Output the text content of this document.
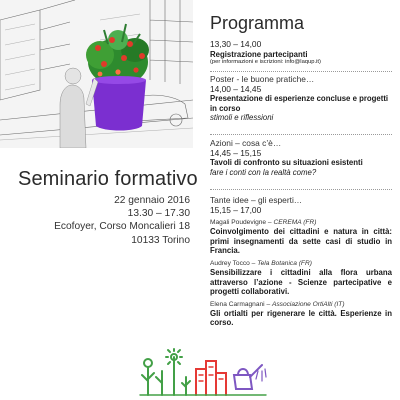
Seminario formativo
22 gennaio 2016
13.30 – 17.30
Ecofoyer, Corso Moncalieri 18
10133 Torino
Programma
13,30 – 14,00
Registrazione partecipanti
(per informazioni e iscrizioni: info@laqup.it)
Poster - le buone pratiche…
14,00 – 14,45
Presentazione di esperienze concluse e progetti in corso
stimoli e riflessioni
Azioni – cosa c’è…
14,45 – 15,15
Tavoli di confronto su situazioni esistenti
fare i conti con la realtà come?
Tante idee – gli esperti…
15,15 – 17,00
Magali Poudevigne – CEREMA (FR)
Coinvolgimento dei cittadini e natura in città: primi insegnamenti da sette casi di studio in Francia.
Audrey Tocco – Tela Botanica (FR)
Sensibilizzare i cittadini alla flora urbana attraverso l’azione - Scienze partecipative e progetti collaborativi.
Elena Carmagnani – Associazione OrtiAlti (IT)
Gli ortialti per rigenerare le città. Esperienze in corso.
